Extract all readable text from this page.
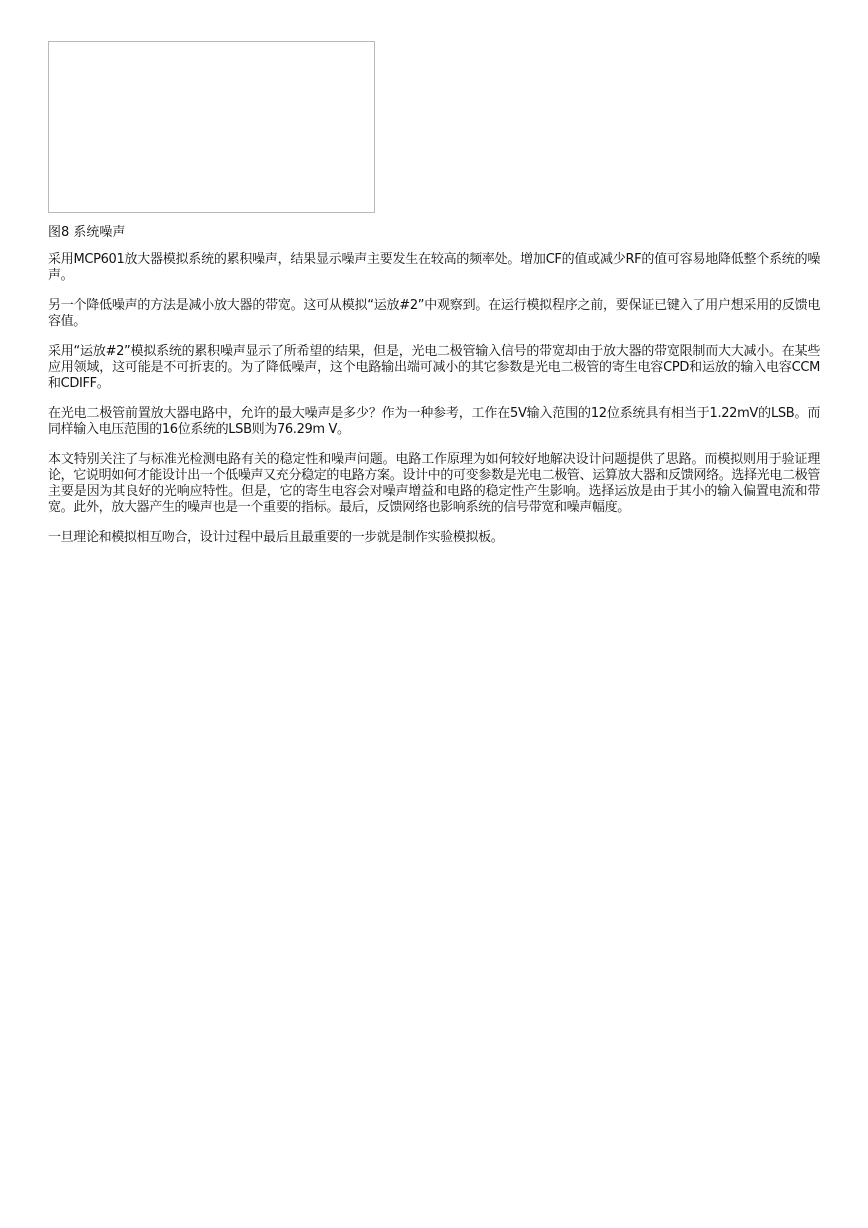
图8 系统噪声

采用MCP601放大器模拟系统的累积噪声，结果显示噪声主要发生在较高的频率处。增加CF的值或减少RF的值可容易地降低整个系统的噪声。

另一个降低噪声的方法是减小放大器的带宽。这可从模拟“运放#2”中观察到。在运行模拟程序之前，要保证已键入了用户想采用的反馈电容值。

采用“运放#2”模拟系统的累积噪声显示了所希望的结果，但是，光电二极管输入信号的带宽却由于放大器的带宽限制而大大减小。在某些应用领域，这可能是不可折衷的。为了降低噪声，这个电路输出端可减小的其它参数是光电二极管的寄生电容CPD和运放的输入电容CCM和CDIFF。

在光电二极管前置放大器电路中，允许的最大噪声是多少？作为一种参考，工作在5V输入范围的12位系统具有相当于1.22mV的LSB。而同样输入电压范围的16位系统的LSB则为76.29m V。

本文特别关注了与标准光检测电路有关的稳定性和噪声问题。电路工作原理为如何较好地解决设计问题提供了思路。而模拟则用于验证理论，它说明如何才能设计出一个低噪声又充分稳定的电路方案。设计中的可变参数是光电二极管、运算放大器和反馈网络。选择光电二极管主要是因为其良好的光响应特性。但是，它的寄生电容会对噪声增益和电路的稳定性产生影响。选择运放是由于其小的输入偏置电流和带宽。此外，放大器产生的噪声也是一个重要的指标。最后，反馈网络也影响系统的信号带宽和噪声幅度。

一旦理论和模拟相互吻合，设计过程中最后且最重要的一步就是制作实验模拟板。
